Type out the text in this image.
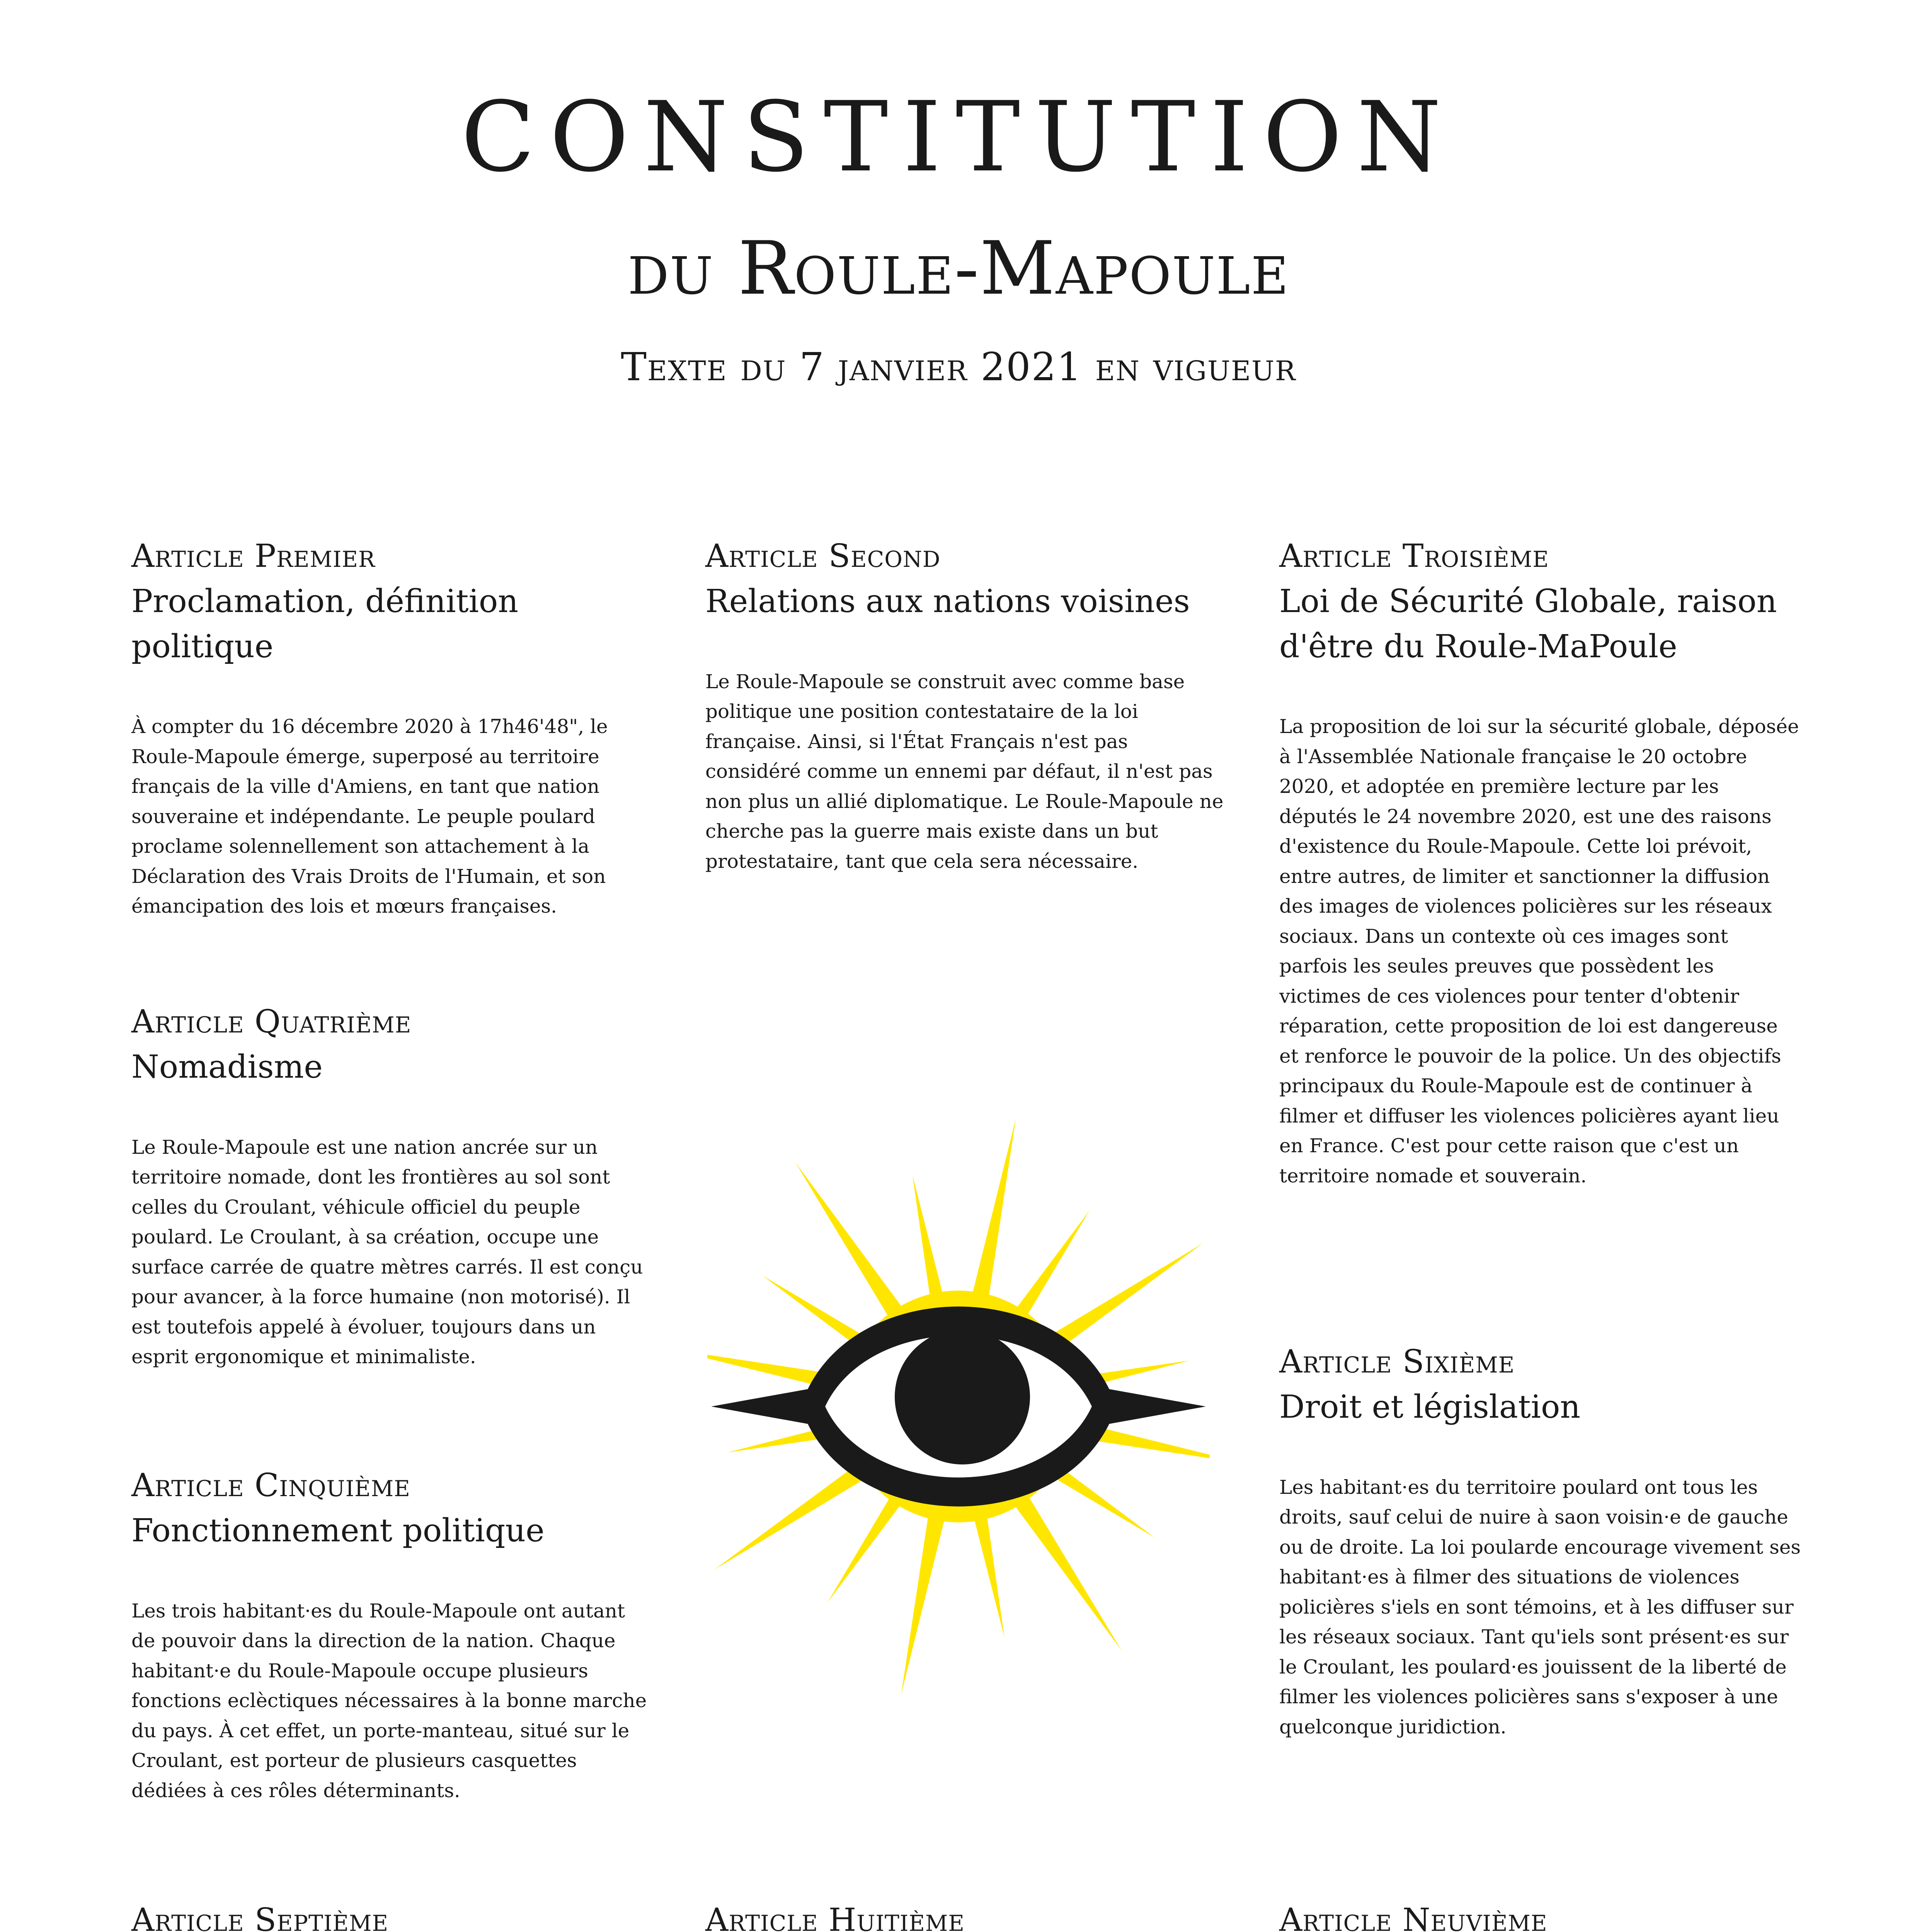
CONSTITUTION
du Roule-Mapoule
Texte du 7 janvier 2021 en vigueur

Article Premier

Proclamation, définition politique

À compter du 16 décembre 2020 à 17h46'48", le Roule-Mapoule émerge, superposé au territoire français de la ville d'Amiens, en tant que nation souveraine et indépendante. Le peuple poulard proclame solennellement son attachement à la Déclaration des Vrais Droits de l'Humain, et son émancipation des lois et mœurs françaises.

Article Quatrième

Nomadisme

Le Roule-Mapoule est une nation ancrée sur un territoire nomade, dont les frontières au sol sont celles du Croulant, véhicule officiel du peuple poulard. Le Croulant, à sa création, occupe une surface carrée de quatre mètres carrés. Il est conçu pour avancer, à la force humaine (non motorisé). Il est toutefois appelé à évoluer, toujours dans un esprit ergonomique et minimaliste.

Article Cinquième

Fonctionnement politique

Les trois habitant·es du Roule-Mapoule ont autant de pouvoir dans la direction de la nation. Chaque habitant·e du Roule-Mapoule occupe plusieurs fonctions eclèctiques nécessaires à la bonne marche du pays. À cet effet, un porte-manteau, situé sur le Croulant, est porteur de plusieurs casquettes dédiées à ces rôles déterminants.

Article Septième

Article Second

Relations aux nations voisines

Le Roule-Mapoule se construit avec comme base politique une position contestataire de la loi française. Ainsi, si l'État Français n'est pas considéré comme un ennemi par défaut, il n'est pas non plus un allié diplomatique. Le Roule-Mapoule ne cherche pas la guerre mais existe dans un but protestataire, tant que cela sera nécessaire.

Article Huitième

Article Troisième

Loi de Sécurité Globale, raison d'être du Roule-MaPoule

La proposition de loi sur la sécurité globale, déposée à l'Assemblée Nationale française le 20 octobre 2020, et adoptée en première lecture par les députés le 24 novembre 2020, est une des raisons d'existence du Roule-Mapoule. Cette loi prévoit, entre autres, de limiter et sanctionner la diffusion des images de violences policières sur les réseaux sociaux. Dans un contexte où ces images sont parfois les seules preuves que possèdent les victimes de ces violences pour tenter d'obtenir réparation, cette proposition de loi est dangereuse et renforce le pouvoir de la police. Un des objectifs principaux du Roule-Mapoule est de continuer à filmer et diffuser les violences policières ayant lieu en France. C'est pour cette raison que c'est un territoire nomade et souverain.

Article Sixième

Droit et législation

Les habitant·es du territoire poulard ont tous les droits, sauf celui de nuire à saon voisin·e de gauche ou de droite. La loi poularde encourage vivement ses habitant·es à filmer des situations de violences policières s'iels en sont témoins, et à les diffuser sur les réseaux sociaux. Tant qu'iels sont présent·es sur le Croulant, les poulard·es jouissent de la liberté de filmer les violences policières sans s'exposer à une quelconque juridiction.

Article Neuvième
